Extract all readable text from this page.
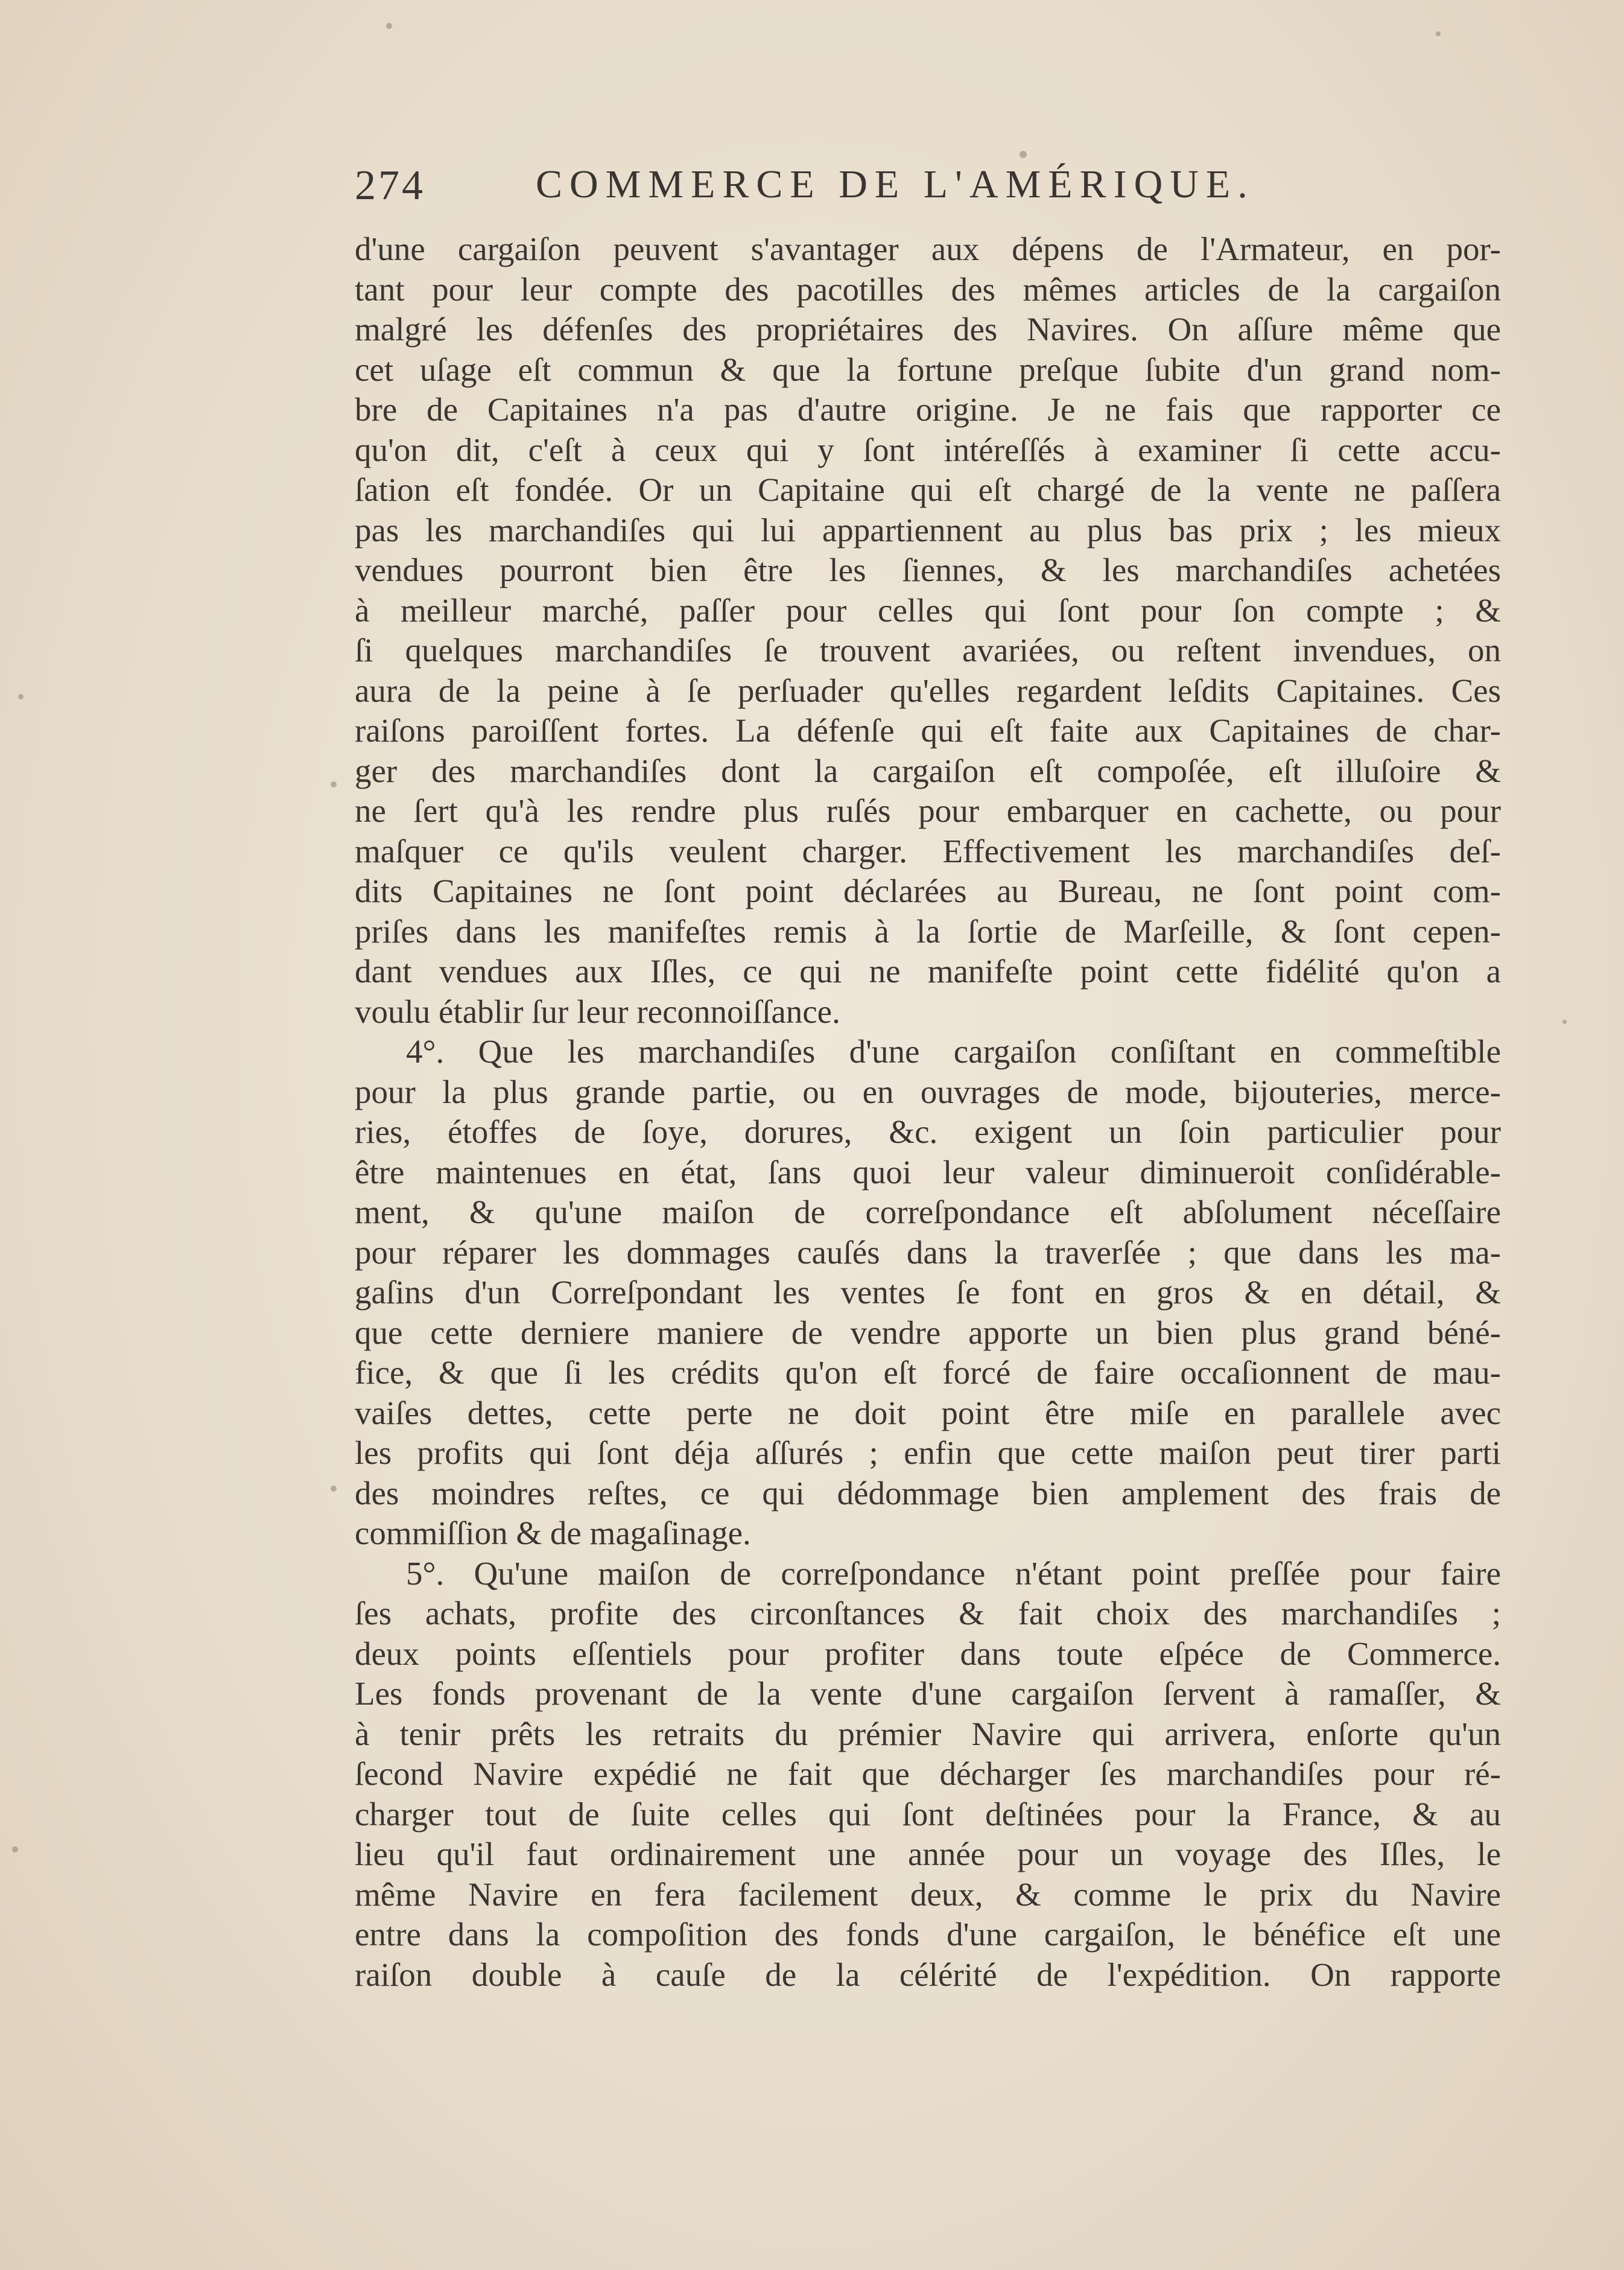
274	COMMERCE DE L'AMÉRIQUE.
d'une cargaiſon peuvent s'avantager aux dépens de l'Armateur, en por-
tant pour leur compte des pacotilles des mêmes articles de la cargaiſon
malgré les défenſes des propriétaires des Navires. On aſſure même que
cet uſage eſt commun & que la fortune preſque ſubite d'un grand nom-
bre de Capitaines n'a pas d'autre origine. Je ne fais que rapporter ce
qu'on dit, c'eſt à ceux qui y ſont intéreſſés à examiner ſi cette accu-
ſation eſt fondée. Or un Capitaine qui eſt chargé de la vente ne paſſera
pas les marchandiſes qui lui appartiennent au plus bas prix ; les mieux
vendues pourront bien être les ſiennes, & les marchandiſes achetées
à meilleur marché, paſſer pour celles qui ſont pour ſon compte ; &
ſi quelques marchandiſes ſe trouvent avariées, ou reſtent invendues, on
aura de la peine à ſe perſuader qu'elles regardent leſdits Capitaines. Ces
raiſons paroiſſent fortes. La défenſe qui eſt faite aux Capitaines de char-
ger des marchandiſes dont la cargaiſon eſt compoſée, eſt illuſoire &
ne ſert qu'à les rendre plus ruſés pour embarquer en cachette, ou pour
maſquer ce qu'ils veulent charger. Effectivement les marchandiſes deſ-
dits Capitaines ne ſont point déclarées au Bureau, ne ſont point com-
priſes dans les manifeſtes remis à la ſortie de Marſeille, & ſont cepen-
dant vendues aux Iſles, ce qui ne manifeſte point cette fidélité qu'on a
voulu établir ſur leur reconnoiſſance.
4°. Que les marchandiſes d'une cargaiſon conſiſtant en commeſtible
pour la plus grande partie, ou en ouvrages de mode, bijouteries, merce-
ries, étoffes de ſoye, dorures, &c. exigent un ſoin particulier pour
être maintenues en état, ſans quoi leur valeur diminueroit conſidérable-
ment, & qu'une maiſon de correſpondance eſt abſolument néceſſaire
pour réparer les dommages cauſés dans la traverſée ; que dans les ma-
gaſins d'un Correſpondant les ventes ſe font en gros & en détail, &
que cette derniere maniere de vendre apporte un bien plus grand béné-
fice, & que ſi les crédits qu'on eſt forcé de faire occaſionnent de mau-
vaiſes dettes, cette perte ne doit point être miſe en parallele avec
les profits qui ſont déja aſſurés ; enfin que cette maiſon peut tirer parti
des moindres reſtes, ce qui dédommage bien amplement des frais de
commiſſion & de magaſinage.
5°. Qu'une maiſon de correſpondance n'étant point preſſée pour faire
ſes achats, profite des circonſtances & fait choix des marchandiſes ;
deux points eſſentiels pour profiter dans toute eſpéce de Commerce.
Les fonds provenant de la vente d'une cargaiſon ſervent à ramaſſer, &
à tenir prêts les retraits du prémier Navire qui arrivera, enſorte qu'un
ſecond Navire expédié ne fait que décharger ſes marchandiſes pour ré-
charger tout de ſuite celles qui ſont deſtinées pour la France, & au
lieu qu'il faut ordinairement une année pour un voyage des Iſles, le
même Navire en fera facilement deux, & comme le prix du Navire
entre dans la compoſition des fonds d'une cargaiſon, le bénéfice eſt une
raiſon double à cauſe de la célérité de l'expédition. On rapporte
